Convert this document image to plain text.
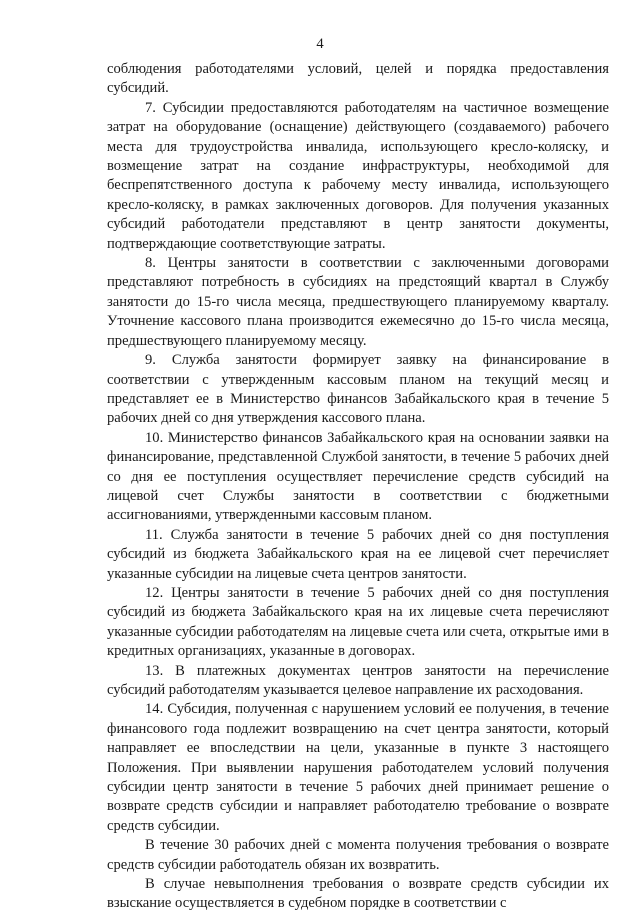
4

соблюдения работодателями условий, целей и порядка предоставления субсидий.

7. Субсидии предоставляются работодателям на частичное возмещение затрат на оборудование (оснащение) действующего (создаваемого) рабочего места для трудоустройства инвалида, использующего кресло-коляску, и возмещение затрат на создание инфраструктуры, необходимой для беспрепятственного доступа к рабочему месту инвалида, использующего кресло-коляску, в рамках заключенных договоров. Для получения указанных субсидий работодатели представляют в центр занятости документы, подтверждающие соответствующие затраты.

8. Центры занятости в соответствии с заключенными договорами представляют потребность в субсидиях на предстоящий квартал в Службу занятости до 15-го числа месяца, предшествующего планируемому кварталу. Уточнение кассового плана производится ежемесячно до 15-го числа месяца, предшествующего планируемому месяцу.

9. Служба занятости формирует заявку на финансирование в соответствии с утвержденным кассовым планом на текущий месяц и представляет ее в Министерство финансов Забайкальского края в течение 5 рабочих дней со дня утверждения кассового плана.

10. Министерство финансов Забайкальского края на основании заявки на финансирование, представленной Службой занятости, в течение 5 рабочих дней со дня ее поступления осуществляет перечисление средств субсидий на лицевой счет Службы занятости в соответствии с бюджетными ассигнованиями, утвержденными кассовым планом.

11. Служба занятости в течение 5 рабочих дней со дня поступления субсидий из бюджета Забайкальского края на ее лицевой счет перечисляет указанные субсидии на лицевые счета центров занятости.

12. Центры занятости в течение 5 рабочих дней со дня поступления субсидий из бюджета Забайкальского края на их лицевые счета перечисляют указанные субсидии работодателям на лицевые счета или счета, открытые ими в кредитных организациях, указанные в договорах.

13. В платежных документах центров занятости на перечисление субсидий работодателям указывается целевое направление их расходования.

14. Субсидия, полученная с нарушением условий ее получения, в течение финансового года подлежит возвращению на счет центра занятости, который направляет ее впоследствии на цели, указанные в пункте 3 настоящего Положения. При выявлении нарушения работодателем условий получения субсидии центр занятости в течение 5 рабочих дней принимает решение о возврате средств субсидии и направляет работодателю требование о возврате средств субсидии.

В течение 30 рабочих дней с момента получения требования о возврате средств субсидии работодатель обязан их возвратить.

В случае невыполнения требования о возврате средств субсидии их взыскание осуществляется в судебном порядке в соответствии с
